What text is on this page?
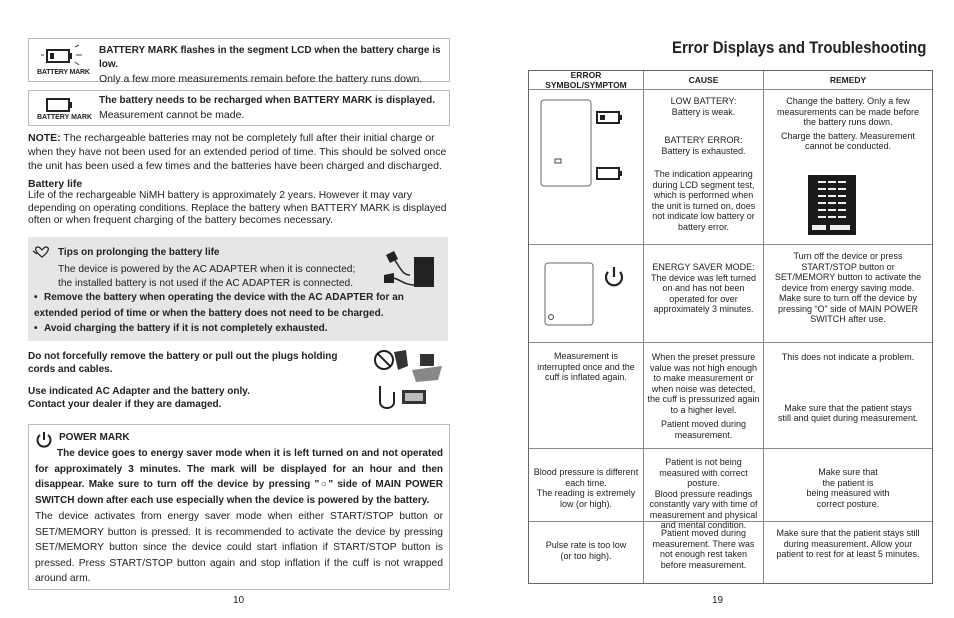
BATTERY MARK
BATTERY MARK flashes in the segment LCD when the battery charge is low.
Only a few more measurements remain before the battery runs down.
BATTERY MARK
The battery needs to be recharged when BATTERY MARK is displayed.
Measurement cannot be made.
NOTE: The rechargeable batteries may not be completely full after their initial charge or when they have not been used for an extended period of time. This should be solved once the unit has been used a few times and the batteries have been charged and discharged.
Battery life
Life of the rechargeable NiMH battery is approximately 2 years. However it may vary depending on operating conditions. Replace the battery when BATTERY MARK is displayed often or when frequent charging of the battery becomes necessary.
Tips on prolonging the battery life
The device is powered by the AC ADAPTER when it is connected; the installed battery is not used if the AC ADAPTER is connected.
• Remove the battery when operating the device with the AC ADAPTER for an extended period of time or when the battery does not need to be charged.
• Avoid charging the battery if it is not completely exhausted.
Do not forcefully remove the battery or pull out the plugs holding cords and cables.
Use indicated AC Adapter and the battery only.
Contact your dealer if they are damaged.
POWER MARK
The device goes to energy saver mode when it is left turned on and not operated for approximately 3 minutes. The mark will be displayed for an hour and then disappear. Make sure to turn off the device by pressing "○" side of MAIN POWER SWITCH down after each use especially when the device is powered by the battery.
The device activates from energy saver mode when either START/STOP button or SET/MEMORY button is pressed. It is recommended to activate the device by pressing SET/MEMORY button since the device could start inflation if START/STOP button is pressed. Press START/STOP button again and stop inflation if the cuff is not wrapped around arm.
10
Error Displays and Troubleshooting
ERROR SYMBOL/SYMPTOM
CAUSE	REMEDY
LOW BATTERY:
Battery is weak.
BATTERY ERROR:
Battery is exhausted.
The indication appearing during LCD segment test, which is performed when the unit is turned on, does not indicate low battery or battery error.
Change the battery. Only a few measurements can be made before the battery runs down.
Charge the battery. Measurement cannot be conducted.
ENERGY SAVER MODE:
The device was left turned on and has not been operated for over approximately 3 minutes.
Turn off the device or press START/STOP button or SET/MEMORY button to activate the device from energy saving mode. Make sure to turn off the device by pressing “O” side of MAIN POWER SWITCH after use.
Measurement is interrupted once and the cuff is inflated again.
When the preset pressure value was not high enough to make measurement or when noise was detected, the cuff is pressurized again to a higher level.
Patient moved during measurement.
This does not indicate a problem.
Make sure that the patient stays still and quiet during measurement.
Blood pressure is different each time.
The reading is extremely low (or high).
Patient is not being measured with correct posture.
Blood pressure readings constantly vary with time of measurement and physical and mental condition.
Make sure that
the patient is
being measured with
correct posture.
Pulse rate is too low
(or too high).
Patient moved during measurement. There was not enough rest taken before measurement.
Make sure that the patient stays still during measurement. Allow your patient to rest for at least 5 minutes.
19
